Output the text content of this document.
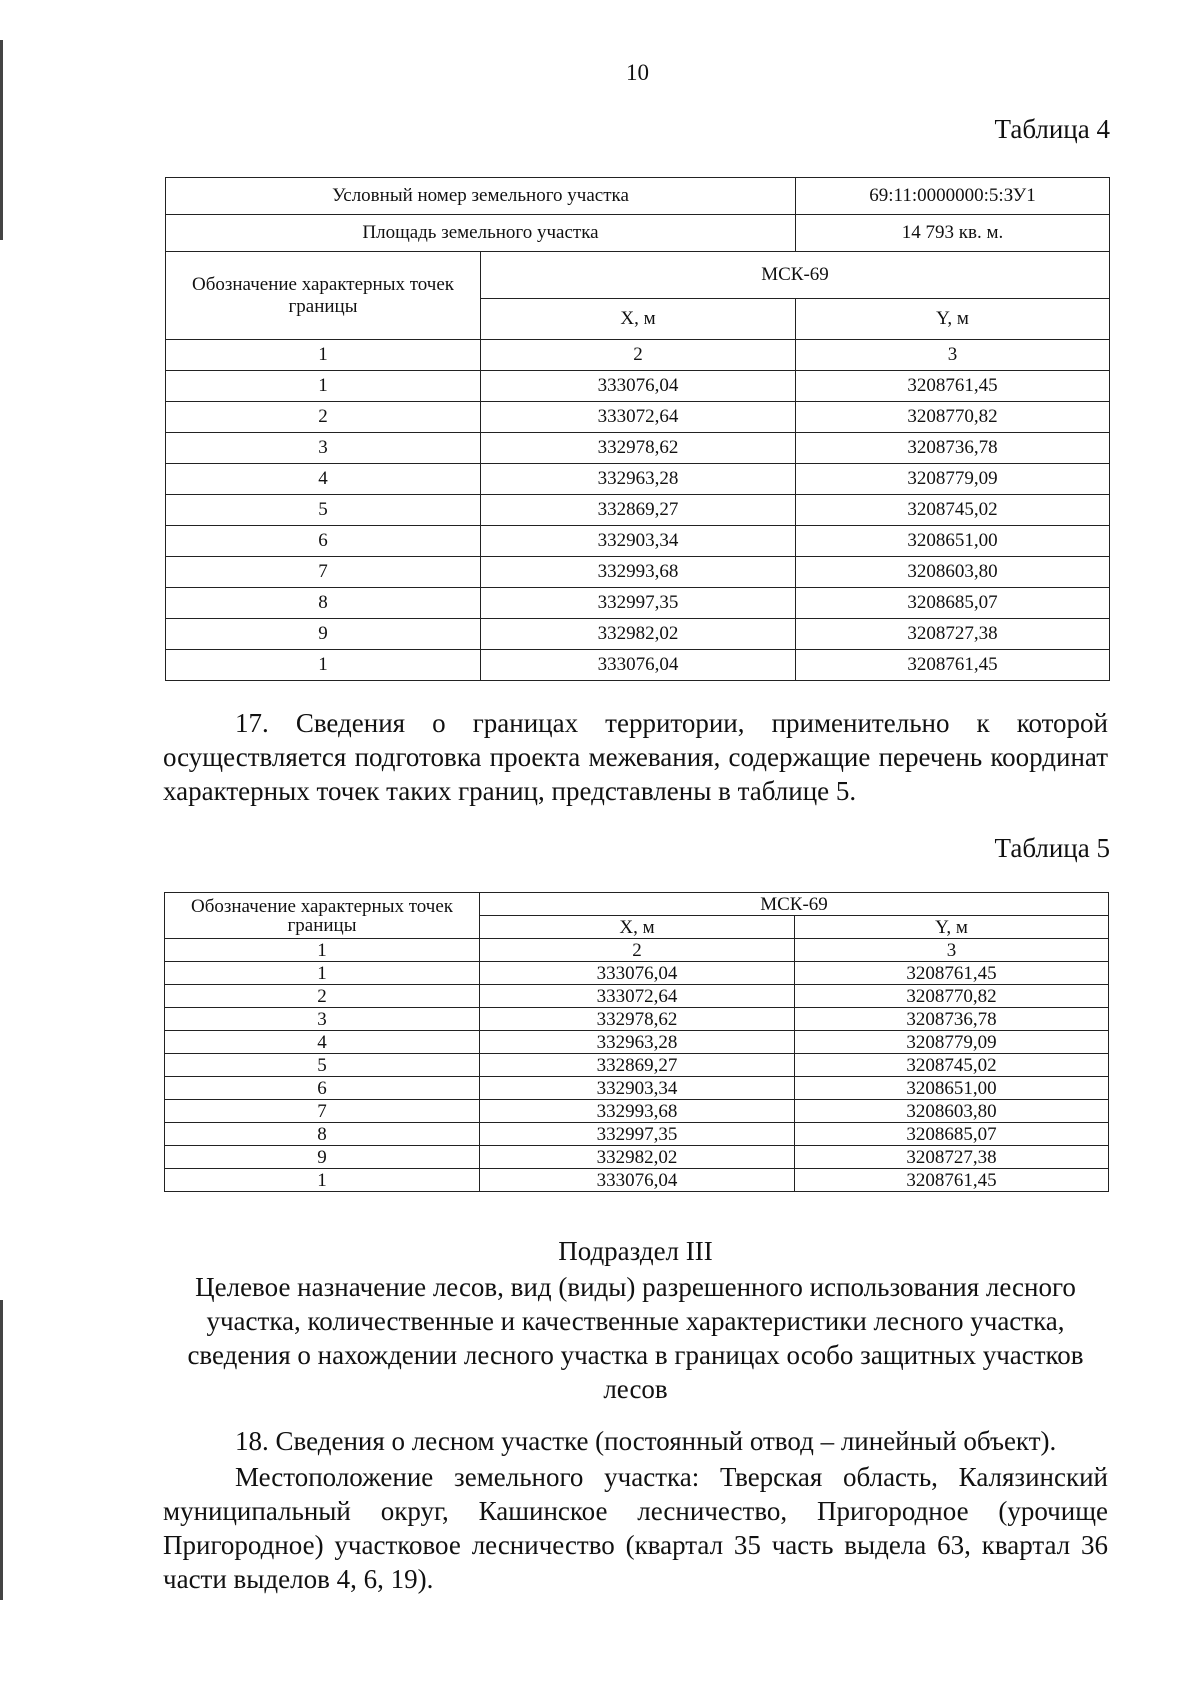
10
Таблица 4
Условный номер земельного участка		69:11:0000000:5:ЗУ1
Площадь земельного участка		14 793 кв. м.
Обозначение характерных точек границы	МСК-69	
	X, м	Y, м
1	2	3
1	333076,04	3208761,45
2	333072,64	3208770,82
3	332978,62	3208736,78
4	332963,28	3208779,09
5	332869,27	3208745,02
6	332903,34	3208651,00
7	332993,68	3208603,80
8	332997,35	3208685,07
9	332982,02	3208727,38
1	333076,04	3208761,45

17. Сведения о границах территории, применительно к которой осуществляется подготовка проекта межевания, содержащие перечень координат характерных точек таких границ, представлены в таблице 5.

Таблица 5
Обозначение характерных точек границы	МСК-69	
	X, м	Y, м
1	2	3
1	333076,04	3208761,45
2	333072,64	3208770,82
3	332978,62	3208736,78
4	332963,28	3208779,09
5	332869,27	3208745,02
6	332903,34	3208651,00
7	332993,68	3208603,80
8	332997,35	3208685,07
9	332982,02	3208727,38
1	333076,04	3208761,45
Подраздел III
Целевое назначение лесов, вид (виды) разрешенного использования лесного участка, количественные и качественные характеристики лесного участка, сведения о нахождении лесного участка в границах особо защитных участков лесов

18. Сведения о лесном участке (постоянный отвод – линейный объект).

Местоположение земельного участка: Тверская область, Калязинский муниципальный округ, Кашинское лесничество, Пригородное (урочище Пригородное) участковое лесничество (квартал 35 часть выдела 63, квартал 36 части выделов 4, 6, 19).
